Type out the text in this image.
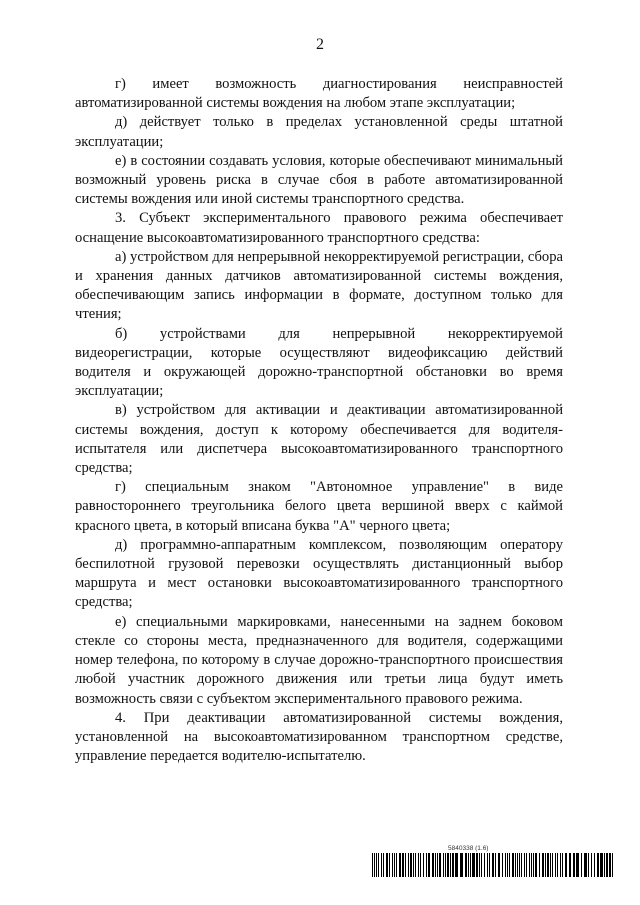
2

г) имеет возможность диагностирования неисправностей автоматизированной системы вождения на любом этапе эксплуатации;

д) действует только в пределах установленной среды штатной эксплуатации;

е) в состоянии создавать условия, которые обеспечивают минимальный возможный уровень риска в случае сбоя в работе автоматизированной системы вождения или иной системы транспортного средства.

3. Субъект экспериментального правового режима обеспечивает оснащение высокоавтоматизированного транспортного средства:

а) устройством для непрерывной некорректируемой регистрации, сбора и хранения данных датчиков автоматизированной системы вождения, обеспечивающим запись информации в формате, доступном только для чтения;

б) устройствами для непрерывной некорректируемой видеорегистрации, которые осуществляют видеофиксацию действий водителя и окружающей дорожно-транспортной обстановки во время эксплуатации;

в) устройством для активации и деактивации автоматизированной системы вождения, доступ к которому обеспечивается для водителя-испытателя или диспетчера высокоавтоматизированного транспортного средства;

г) специальным знаком "Автономное управление" в виде равностороннего треугольника белого цвета вершиной вверх с каймой красного цвета, в который вписана буква "А" черного цвета;

д) программно-аппаратным комплексом, позволяющим оператору беспилотной грузовой перевозки осуществлять дистанционный выбор маршрута и мест остановки высокоавтоматизированного транспортного средства;

е) специальными маркировками, нанесенными на заднем боковом стекле со стороны места, предназначенного для водителя, содержащими номер телефона, по которому в случае дорожно-транспортного происшествия любой участник дорожного движения или третьи лица будут иметь возможность связи с субъектом экспериментального правового режима.

4. При деактивации автоматизированной системы вождения, установленной на высокоавтоматизированном транспортном средстве, управление передается водителю-испытателю.

5840338 (1.6)
